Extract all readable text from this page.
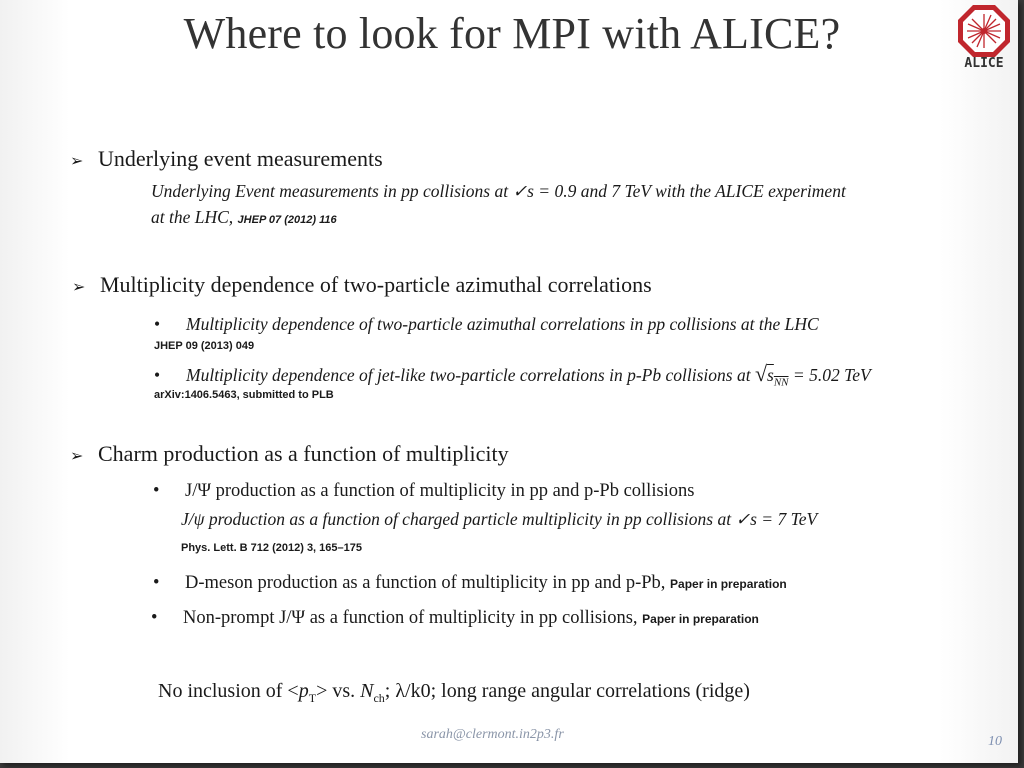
Where to look for MPI with ALICE?
ALICE
➢ Underlying event measurements
Underlying Event measurements in pp collisions at ✓s = 0.9 and 7 TeV with the ALICE experiment
at the LHC, JHEP 07 (2012) 116
➢ Multiplicity dependence of two-particle azimuthal correlations
• Multiplicity dependence of two-particle azimuthal correlations in pp collisions at the LHC
JHEP 09 (2013) 049
• Multiplicity dependence of jet-like two-particle correlations in p-Pb collisions at $√s_{NN} = 5.02$ TeV
arXiv:1406.5463, submitted to PLB
➢ Charm production as a function of multiplicity
• J/Ψ production as a function of multiplicity in pp and p-Pb collisions
J/ψ production as a function of charged particle multiplicity in pp collisions at ✓s = 7 TeV
Phys. Lett. B 712 (2012) 3, 165–175
• D-meson production as a function of multiplicity in pp and p-Pb, Paper in preparation
• Non-prompt J/Ψ as a function of multiplicity in pp collisions, Paper in preparation
No inclusion of $<p_T>$ vs. $N_{ch}$; λ/k0; long range angular correlations (ridge)
sarah@clermont.in2p3.fr	10
